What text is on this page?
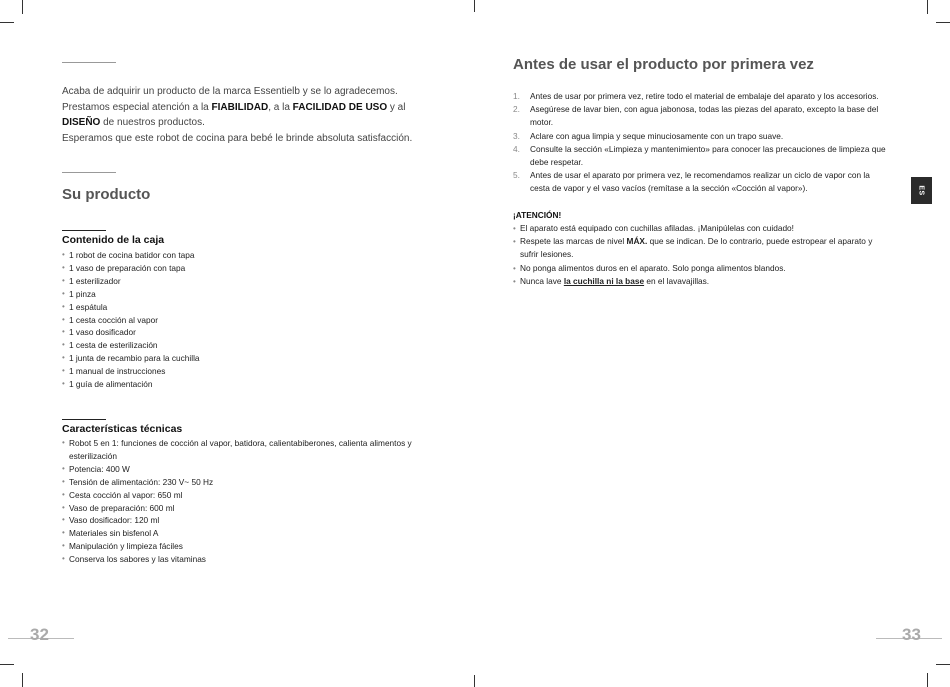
Acaba de adquirir un producto de la marca Essentielb y se lo agradecemos.
Prestamos especial atención a la FIABILIDAD, a la FACILIDAD DE USO y al
DISEÑO de nuestros productos.
Esperamos que este robot de cocina para bebé le brinde absoluta satisfacción.
Su producto
Contenido de la caja
• 1 robot de cocina batidor con tapa
• 1 vaso de preparación con tapa
• 1 esterilizador
• 1 pinza
• 1 espátula
• 1 cesta cocción al vapor
• 1 vaso dosificador
• 1 cesta de esterilización
• 1 junta de recambio para la cuchilla
• 1 manual de instrucciones
• 1 guía de alimentación
Características técnicas
• Robot 5 en 1: funciones de cocción al vapor, batidora, calientabiberones, calienta alimentos y esterilización
• Potencia: 400 W
• Tensión de alimentación: 230 V~ 50 Hz
• Cesta cocción al vapor: 650 ml
• Vaso de preparación: 600 ml
• Vaso dosificador: 120 ml
• Materiales sin bisfenol A
• Manipulación y limpieza fáciles
• Conserva los sabores y las vitaminas
32
Antes de usar el producto por primera vez
1. Antes de usar por primera vez, retire todo el material de embalaje del aparato y los accesorios.
2. Asegúrese de lavar bien, con agua jabonosa, todas las piezas del aparato, excepto la base del motor.
3. Aclare con agua limpia y seque minuciosamente con un trapo suave.
4. Consulte la sección «Limpieza y mantenimiento» para conocer las precauciones de limpieza que debe respetar.
5. Antes de usar el aparato por primera vez, le recomendamos realizar un ciclo de vapor con la cesta de vapor y el vaso vacíos (remítase a la sección «Cocción al vapor»).
¡ATENCIÓN!
• El aparato está equipado con cuchillas afiladas. ¡Manipúlelas con cuidado!
• Respete las marcas de nivel MÁX. que se indican. De lo contrario, puede estropear el aparato y sufrir lesiones.
• No ponga alimentos duros en el aparato. Solo ponga alimentos blandos.
• Nunca lave la cuchilla ni la base en el lavavajillas.
ES
33
